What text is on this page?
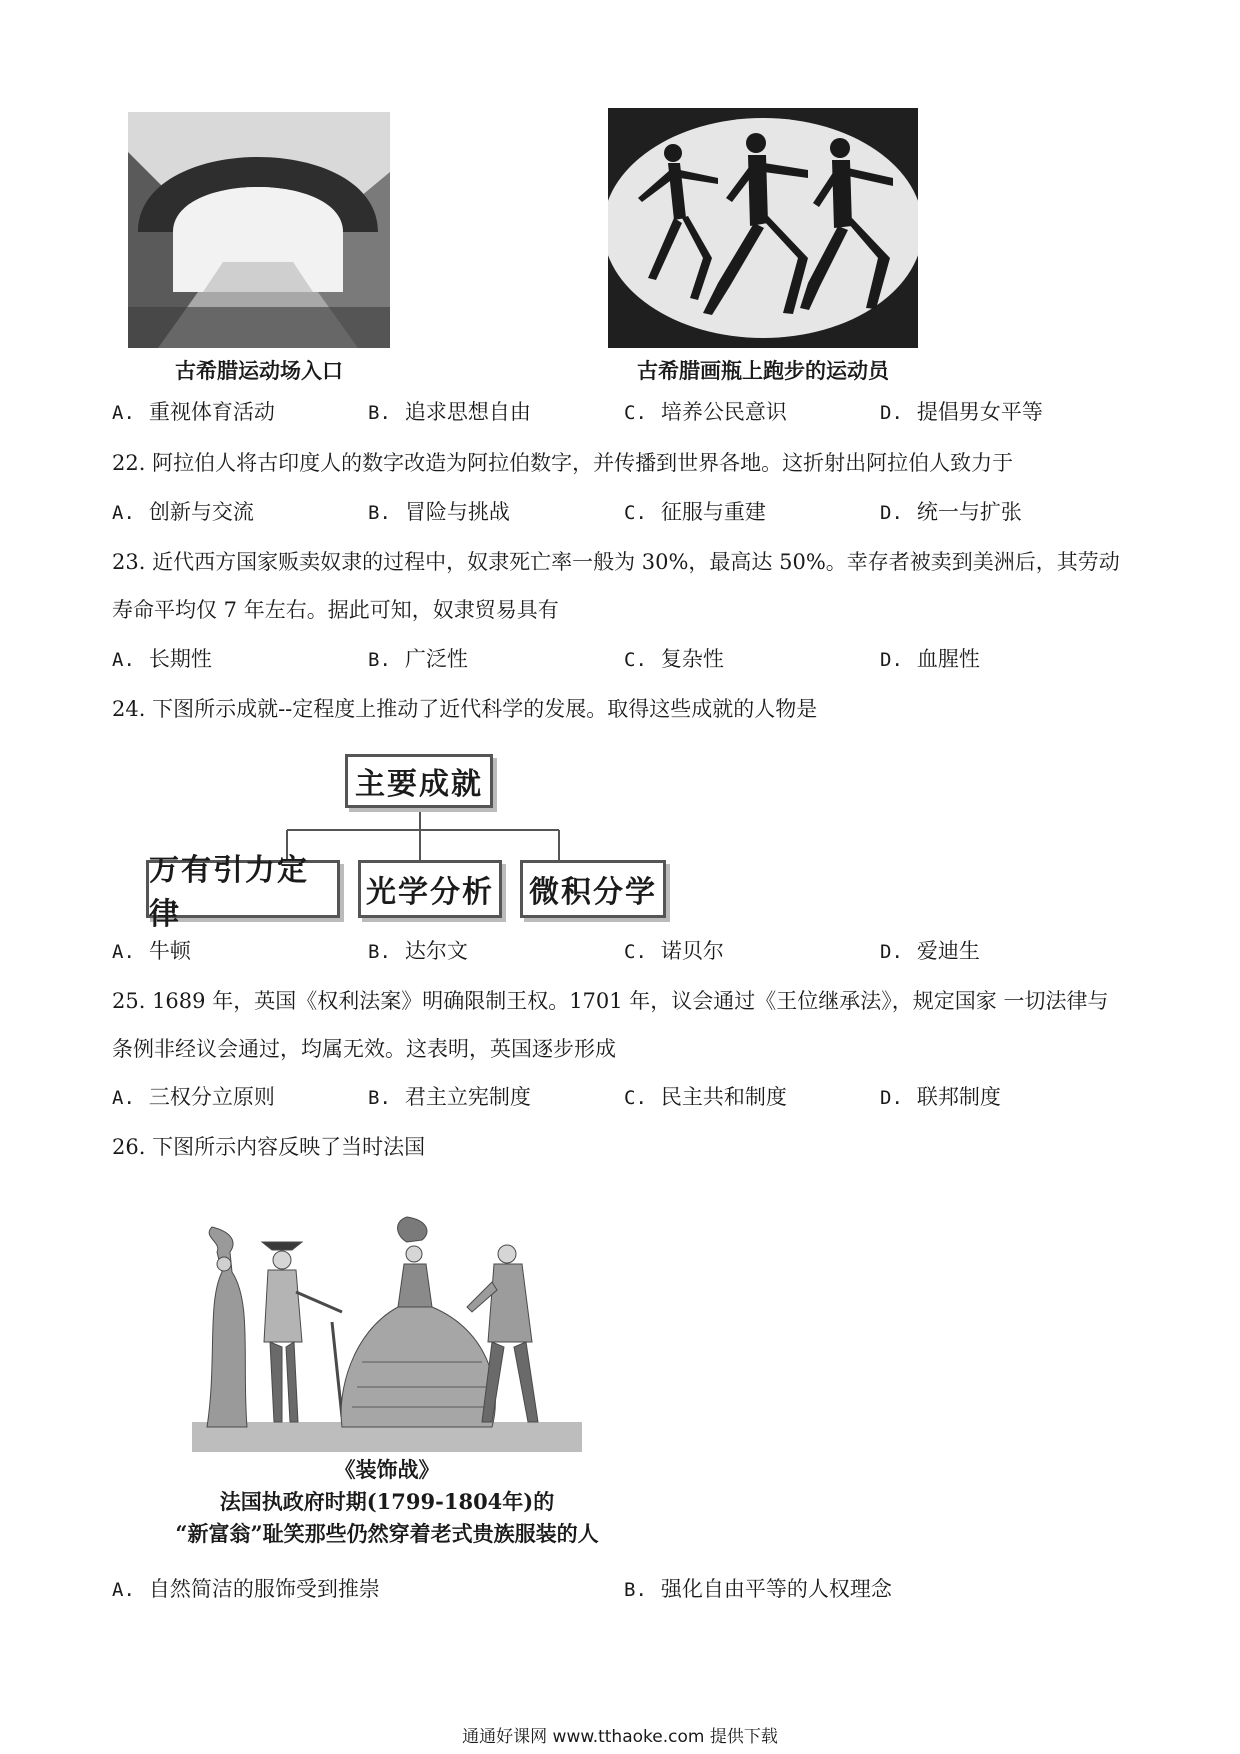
古希腊运动场入口	古希腊画瓶上跑步的运动员
A. 重视体育活动	B. 追求思想自由	C. 培养公民意识	D. 提倡男女平等
22. 阿拉伯人将古印度人的数字改造为阿拉伯数字，并传播到世界各地。这折射出阿拉伯人致力于
A. 创新与交流	B. 冒险与挑战	C. 征服与重建	D. 统一与扩张
23. 近代西方国家贩卖奴隶的过程中，奴隶死亡率一般为 30%，最高达 50%。幸存者被卖到美洲后，其劳动
寿命平均仅 7 年左右。据此可知，奴隶贸易具有
A. 长期性	B. 广泛性	C. 复杂性	D. 血腥性
24. 下图所示成就--定程度上推动了近代科学的发展。取得这些成就的人物是
主要成就
万有引力定律
光学分析	微积分学
A. 牛顿	B. 达尔文	C. 诺贝尔	D. 爱迪生
25. 1689 年，英国《权利法案》明确限制王权。1701 年，议会通过《王位继承法》，规定国家 一切法律与
条例非经议会通过，均属无效。这表明，英国逐步形成
A. 三权分立原则	B. 君主立宪制度	C. 民主共和制度	D. 联邦制度
26. 下图所示内容反映了当时法国
《装饰战》
法国执政府时期(1799-1804年)的
“新富翁”耻笑那些仍然穿着老式贵族服装的人
A. 自然简洁的服饰受到推崇	B. 强化自由平等的人权理念
通通好课网 www.tthaoke.com 提供下载
